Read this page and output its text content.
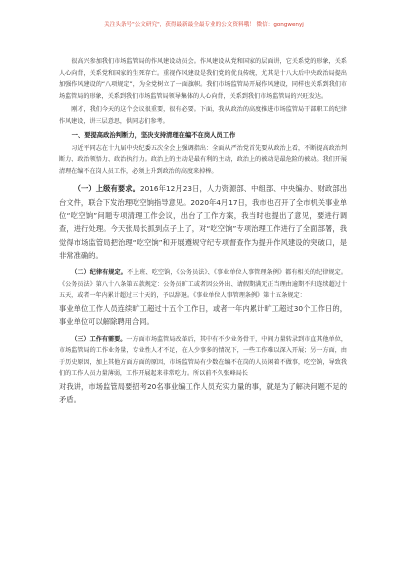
关注头条号"公文研究"，获得最新最全最专业的公文资料哦！ 微信：gongwenyj

很高兴参加我们市场监管局的作风建设动员会。作风建设从党和国家的层面讲，它关系党的形象，关系人心向背，关系党和国家的生死存亡。重视作风建设是我们党的优良传统，尤其是十八大后中央政治局提出加强作风建设的“八项规定”，为全党树立了一面旗帜。我们市场监管局开展作风建设，同样也关系到我们市场监管局的形象，关系到我们市场监管局领导集体的人心向背，关系到我们市场监管局的兴旺发达。

刚才，我们今天的这个会议很重要，很有必要。下面，我从政治的高度推进市场监管局干部职工的纪律作风建设，讲三层意思，供同志们参考。

一、要提高政治判断力，坚决支持清理在编不在岗人员工作

习近平同志在十九届中央纪委五次全会上强调指出：全面从严治党首先要从政治上看，不断提高政治判断力、政治领悟力、政治执行力。政治上的主动是最有利的主动，政治上的被动是最危险的被动。我们开展清理在编不在岗人员工作，必须上升到政治的高度来掉棒。

（一）上级有要求。2016年12月23日，人力资源部、中组部、中央编办、财政部出台文件，联合下发治理吃空饷指导意见。2020年4月17日，我市也召开了全市机关事业单位“吃空饷”问题专项清理工作会议，出台了工作方案，我当时也提出了意见，要进行调查，进行处理。今天张局长抓到点子上了，对“吃空饷”专项治理工作进行了全面部署，我觉得市场监管局把治理“吃空饷”和开展遵规守纪专项督查作为提升作风建设的突破口，是非常准确的。

（二）纪律有规定。不上班、吃空饷，《公务员法》、《事业单位人事管理条例》都有相关的纪律规定。《公务员法》第八十八条第五款规定：公务员旷工或者因公外出、请假期满无正当理由逾期不归连续超过十五天，或者一年内累计超过三十天的，予以辞退。《事业单位人事管理条例》第十五条规定：

事业单位工作人员连续旷工超过十五个工作日，或者一年内累计旷工超过30个工作日的，事业单位可以解除聘用合同。

（三）工作有需要。一方面市场监管局改革后，其中有不少业务骨干，中间力量转录到市直其他单位，市场监管局的工作业务量，专业性人才不足，在人少事多的情况下，一些工作难以深入开展；另一方面，由于历史原因，加上其他方面方面的原因，市场监管局有少数在编不在岗的人员闲着不做事，吃空饷，导致我们的工作人员力量薄弱，工作开展起来非常吃力。所以前不久张峰局长

对我讲，市场监管局要招考20名事业编工作人员充实力量的事，就是为了解决问题不足的矛盾。
